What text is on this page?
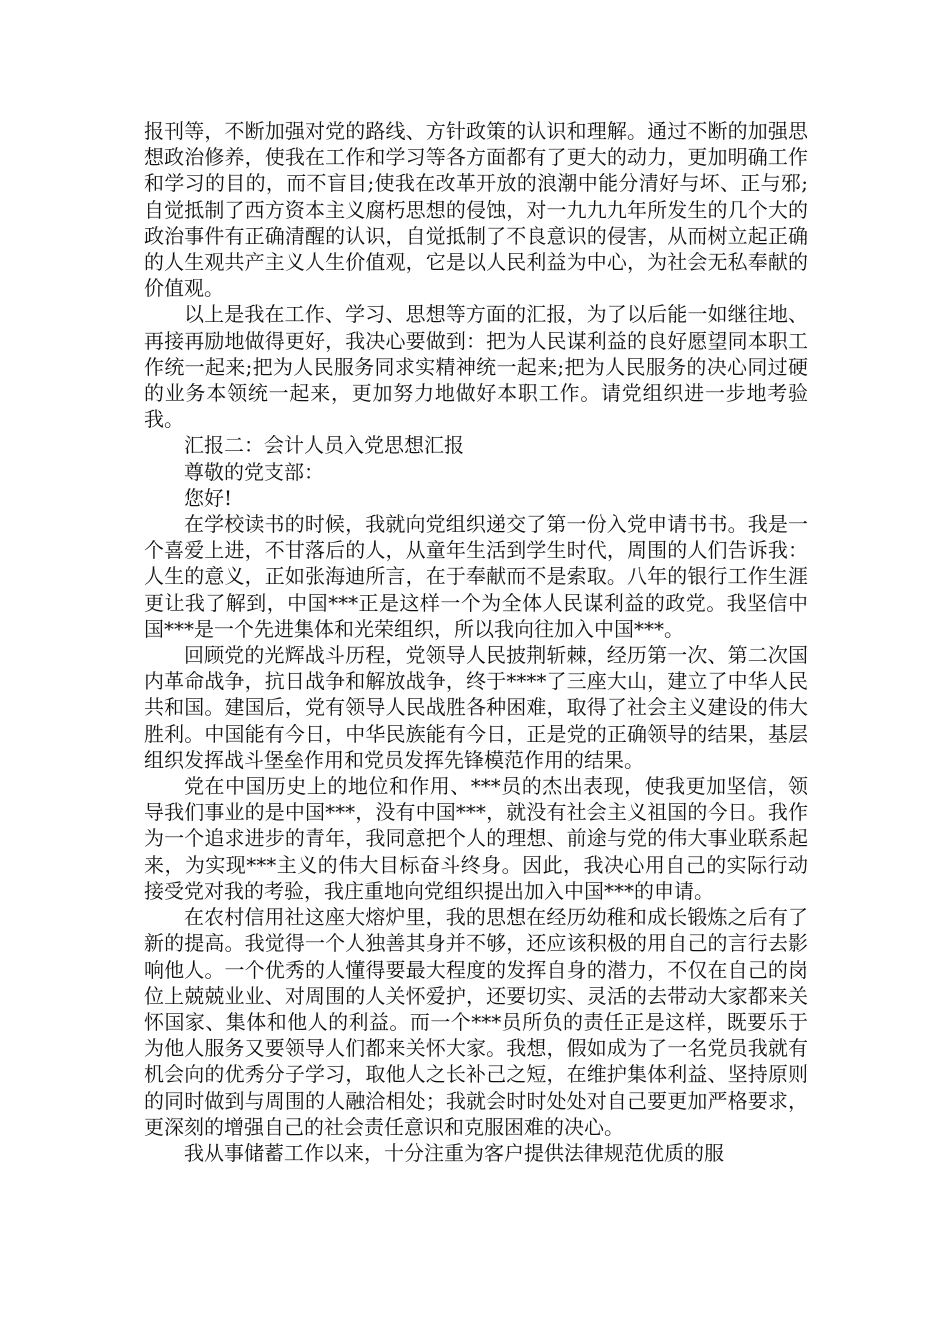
报刊等，不断加强对党的路线、方针政策的认识和理解。通过不断的加强思想政治修养，使我在工作和学习等各方面都有了更大的动力，更加明确工作和学习的目的，而不盲目;使我在改革开放的浪潮中能分清好与坏、正与邪;自觉抵制了西方资本主义腐朽思想的侵蚀，对一九九九年所发生的几个大的政治事件有正确清醒的认识，自觉抵制了不良意识的侵害，从而树立起正确的人生观共产主义人生价值观，它是以人民利益为中心，为社会无私奉献的价值观。

以上是我在工作、学习、思想等方面的汇报，为了以后能一如继往地、再接再励地做得更好，我决心要做到：把为人民谋利益的良好愿望同本职工作统一起来;把为人民服务同求实精神统一起来;把为人民服务的决心同过硬的业务本领统一起来，更加努力地做好本职工作。请党组织进一步地考验我。

汇报二：会计人员入党思想汇报

尊敬的党支部：

您好!

在学校读书的时候，我就向党组织递交了第一份入党申请书书。我是一个喜爱上进，不甘落后的人，从童年生活到学生时代，周围的人们告诉我：人生的意义，正如张海迪所言，在于奉献而不是索取。八年的银行工作生涯更让我了解到，中国***正是这样一个为全体人民谋利益的政党。我坚信中国***是一个先进集体和光荣组织，所以我向往加入中国***。

回顾党的光辉战斗历程，党领导人民披荆斩棘，经历第一次、第二次国内革命战争，抗日战争和解放战争，终于****了三座大山，建立了中华人民共和国。建国后，党有领导人民战胜各种困难，取得了社会主义建设的伟大胜利。中国能有今日，中华民族能有今日，正是党的正确领导的结果，基层组织发挥战斗堡垒作用和党员发挥先锋模范作用的结果。

党在中国历史上的地位和作用、***员的杰出表现，使我更加坚信，领导我们事业的是中国***，没有中国***，就没有社会主义祖国的今日。我作为一个追求进步的青年，我同意把个人的理想、前途与党的伟大事业联系起来，为实现***主义的伟大目标奋斗终身。因此，我决心用自己的实际行动接受党对我的考验，我庄重地向党组织提出加入中国***的申请。

在农村信用社这座大熔炉里，我的思想在经历幼稚和成长锻炼之后有了新的提高。我觉得一个人独善其身并不够，还应该积极的用自己的言行去影响他人。一个优秀的人懂得要最大程度的发挥自身的潜力，不仅在自己的岗位上兢兢业业、对周围的人关怀爱护，还要切实、灵活的去带动大家都来关怀国家、集体和他人的利益。而一个***员所负的责任正是这样，既要乐于为他人服务又要领导人们都来关怀大家。我想，假如成为了一名党员我就有机会向的优秀分子学习，取他人之长补己之短，在维护集体利益、坚持原则的同时做到与周围的人融洽相处；我就会时时处处对自己要更加严格要求，更深刻的增强自己的社会责任意识和克服困难的决心。

我从事储蓄工作以来，十分注重为客户提供法律规范优质的服
